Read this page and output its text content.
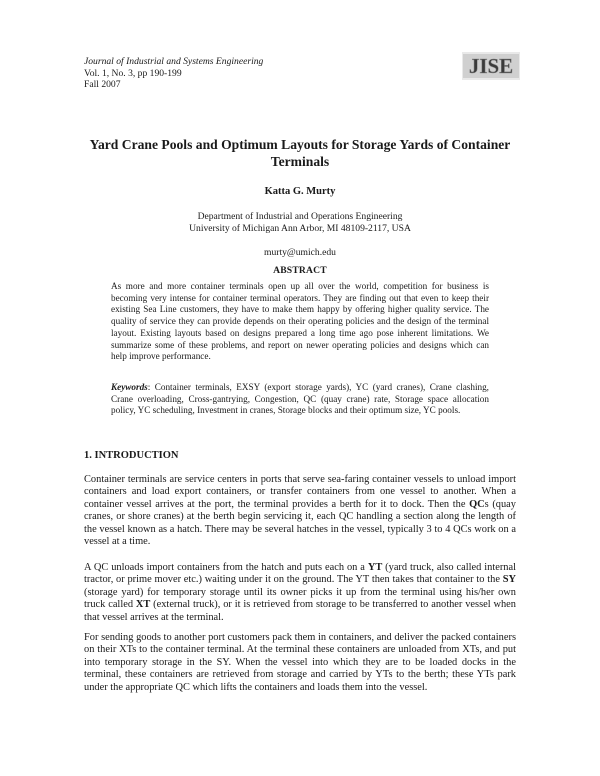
Journal of Industrial and Systems Engineering
Vol. 1, No. 3, pp 190-199
Fall 2007
JISE
Yard Crane Pools and Optimum Layouts for Storage Yards of Container Terminals
Katta G. Murty
Department of Industrial and Operations Engineering
University of Michigan Ann Arbor, MI 48109-2117, USA
murty@umich.edu
ABSTRACT
As more and more container terminals open up all over the world, competition for business is becoming very intense for container terminal operators. They are finding out that even to keep their existing Sea Line customers, they have to make them happy by offering higher quality service. The quality of service they can provide depends on their operating policies and the design of the terminal layout. Existing layouts based on designs prepared a long time ago pose inherent limitations. We summarize some of these problems, and report on newer operating policies and designs which can help improve performance.
Keywords: Container terminals, EXSY (export storage yards), YC (yard cranes), Crane clashing, Crane overloading, Cross-gantrying, Congestion, QC (quay crane) rate, Storage space allocation policy, YC scheduling, Investment in cranes, Storage blocks and their optimum size, YC pools.
1. INTRODUCTION
Container terminals are service centers in ports that serve sea-faring container vessels to unload import containers and load export containers, or transfer containers from one vessel to another. When a container vessel arrives at the port, the terminal provides a berth for it to dock. Then the QCs (quay cranes, or shore cranes) at the berth begin servicing it, each QC handling a section along the length of the vessel known as a hatch. There may be several hatches in the vessel, typically 3 to 4 QCs work on a vessel at a time.
A QC unloads import containers from the hatch and puts each on a YT (yard truck, also called internal tractor, or prime mover etc.) waiting under it on the ground. The YT then takes that container to the SY (storage yard) for temporary storage until its owner picks it up from the terminal using his/her own truck called XT (external truck), or it is retrieved from storage to be transferred to another vessel when that vessel arrives at the terminal.
For sending goods to another port customers pack them in containers, and deliver the packed containers on their XTs to the container terminal. At the terminal these containers are unloaded from XTs, and put into temporary storage in the SY. When the vessel into which they are to be loaded docks in the terminal, these containers are retrieved from storage and carried by YTs to the berth; these YTs park under the appropriate QC which lifts the containers and loads them into the vessel.
